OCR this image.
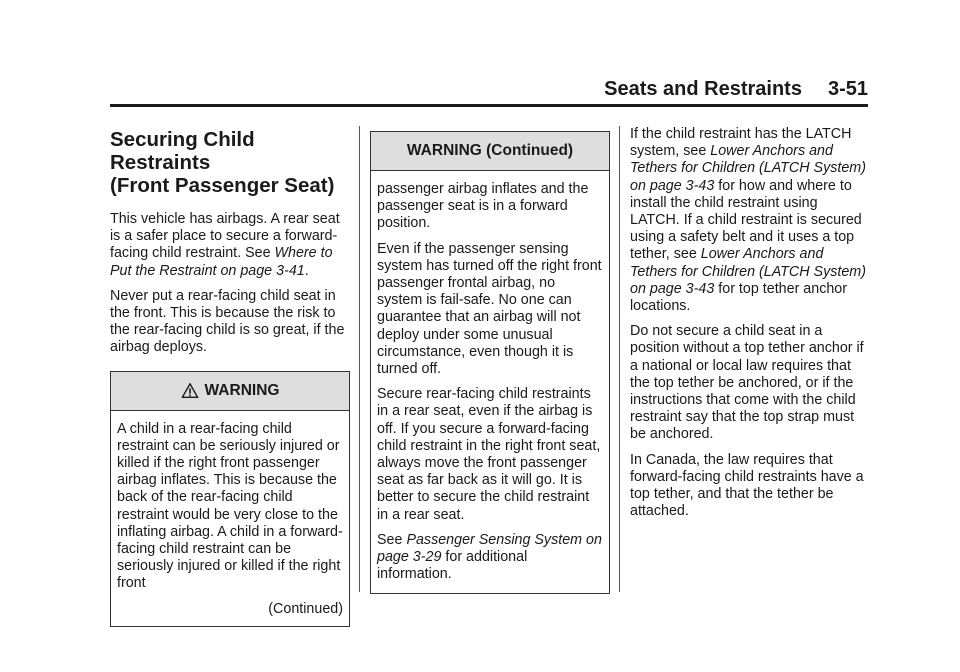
Seats and Restraints 3-51
Securing Child Restraints
(Front Passenger Seat)

This vehicle has airbags. A rear seat is a safer place to secure a forward-facing child restraint. See Where to Put the Restraint on page 3-41.

Never put a rear-facing child seat in the front. This is because the risk to the rear-facing child is so great, if the airbag deploys.

WARNING

A child in a rear-facing child restraint can be seriously injured or killed if the right front passenger airbag inflates. This is because the back of the rear-facing child restraint would be very close to the inflating airbag. A child in a forward-facing child restraint can be seriously injured or killed if the right front

(Continued)

WARNING (Continued)

passenger airbag inflates and the passenger seat is in a forward position.

Even if the passenger sensing system has turned off the right front passenger frontal airbag, no system is fail-safe. No one can guarantee that an airbag will not deploy under some unusual circumstance, even though it is turned off.

Secure rear-facing child restraints in a rear seat, even if the airbag is off. If you secure a forward-facing child restraint in the right front seat, always move the front passenger seat as far back as it will go. It is better to secure the child restraint in a rear seat.

See Passenger Sensing System on page 3-29 for additional information.

If the child restraint has the LATCH system, see Lower Anchors and Tethers for Children (LATCH System) on page 3-43 for how and where to install the child restraint using LATCH. If a child restraint is secured using a safety belt and it uses a top tether, see Lower Anchors and Tethers for Children (LATCH System) on page 3-43 for top tether anchor locations.

Do not secure a child seat in a position without a top tether anchor if a national or local law requires that the top tether be anchored, or if the instructions that come with the child restraint say that the top strap must be anchored.

In Canada, the law requires that forward-facing child restraints have a top tether, and that the tether be attached.
